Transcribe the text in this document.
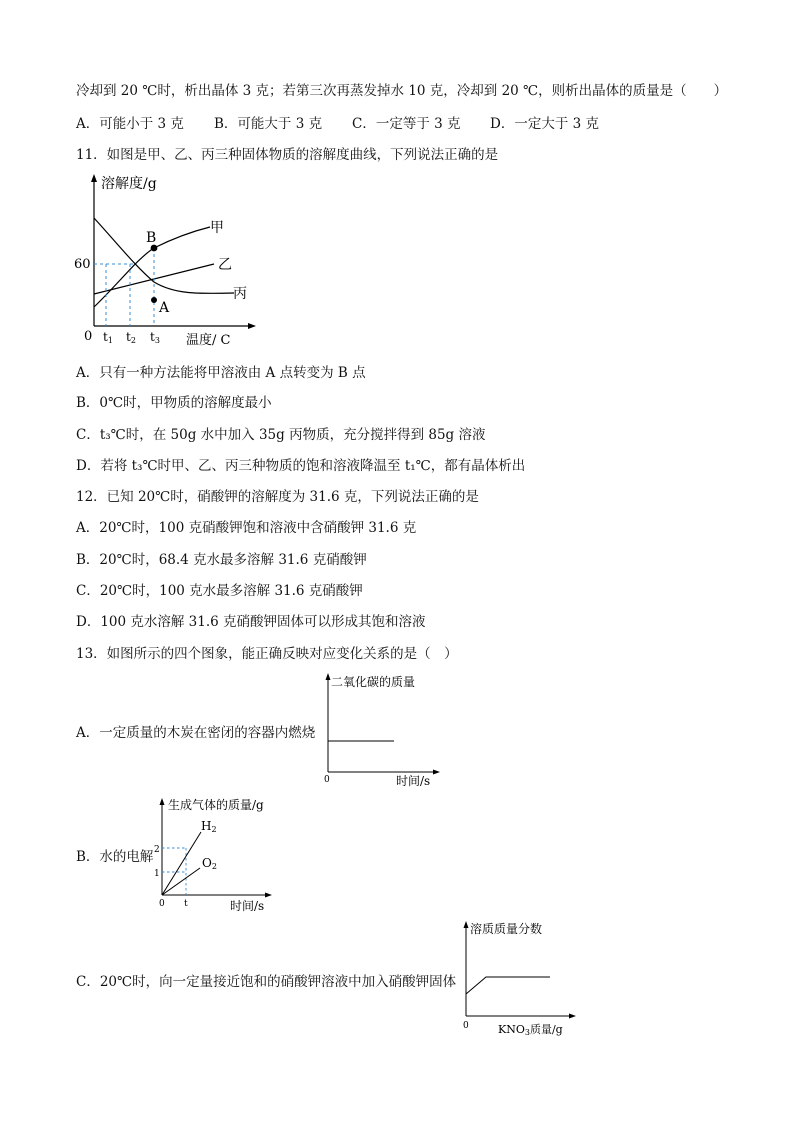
冷却到 20 ℃时，析出晶体 3 克；若第三次再蒸发掉水 10 克，冷却到 20 ℃，则析出晶体的质量是（　　）
A．可能小于 3 克 B．可能大于 3 克 C．一定等于 3 克 D．一定大于 3 克
11．如图是甲、乙、丙三种固体物质的溶解度曲线，下列说法正确的是
溶解度/g
温度/ C
0
60
甲
乙
丙
B
A
t1 t2 t3
A．只有一种方法能将甲溶液由 A 点转变为 B 点
B．0℃时，甲物质的溶解度最小
C．t₃℃时，在 50g 水中加入 35g 丙物质，充分搅拌得到 85g 溶液
D．若将 t₃℃时甲、乙、丙三种物质的饱和溶液降温至 t₁℃，都有晶体析出
12．已知 20℃时，硝酸钾的溶解度为 31.6 克，下列说法正确的是
A．20℃时，100 克硝酸钾饱和溶液中含硝酸钾 31.6 克
B．20℃时，68.4 克水最多溶解 31.6 克硝酸钾
C．20℃时，100 克水最多溶解 31.6 克硝酸钾
D．100 克水溶解 31.6 克硝酸钾固体可以形成其饱和溶液
13．如图所示的四个图象，能正确反映对应变化关系的是（　）
A．一定质量的木炭在密闭的容器内燃烧
二氧化碳的质量
0	时间/s
B．水的电解
生成气体的质量/g
H2
O2
2
1
0 t	时间/s
C．20℃时，向一定量接近饱和的硝酸钾溶液中加入硝酸钾固体
溶质质量分数
0	KNO3质量/g
